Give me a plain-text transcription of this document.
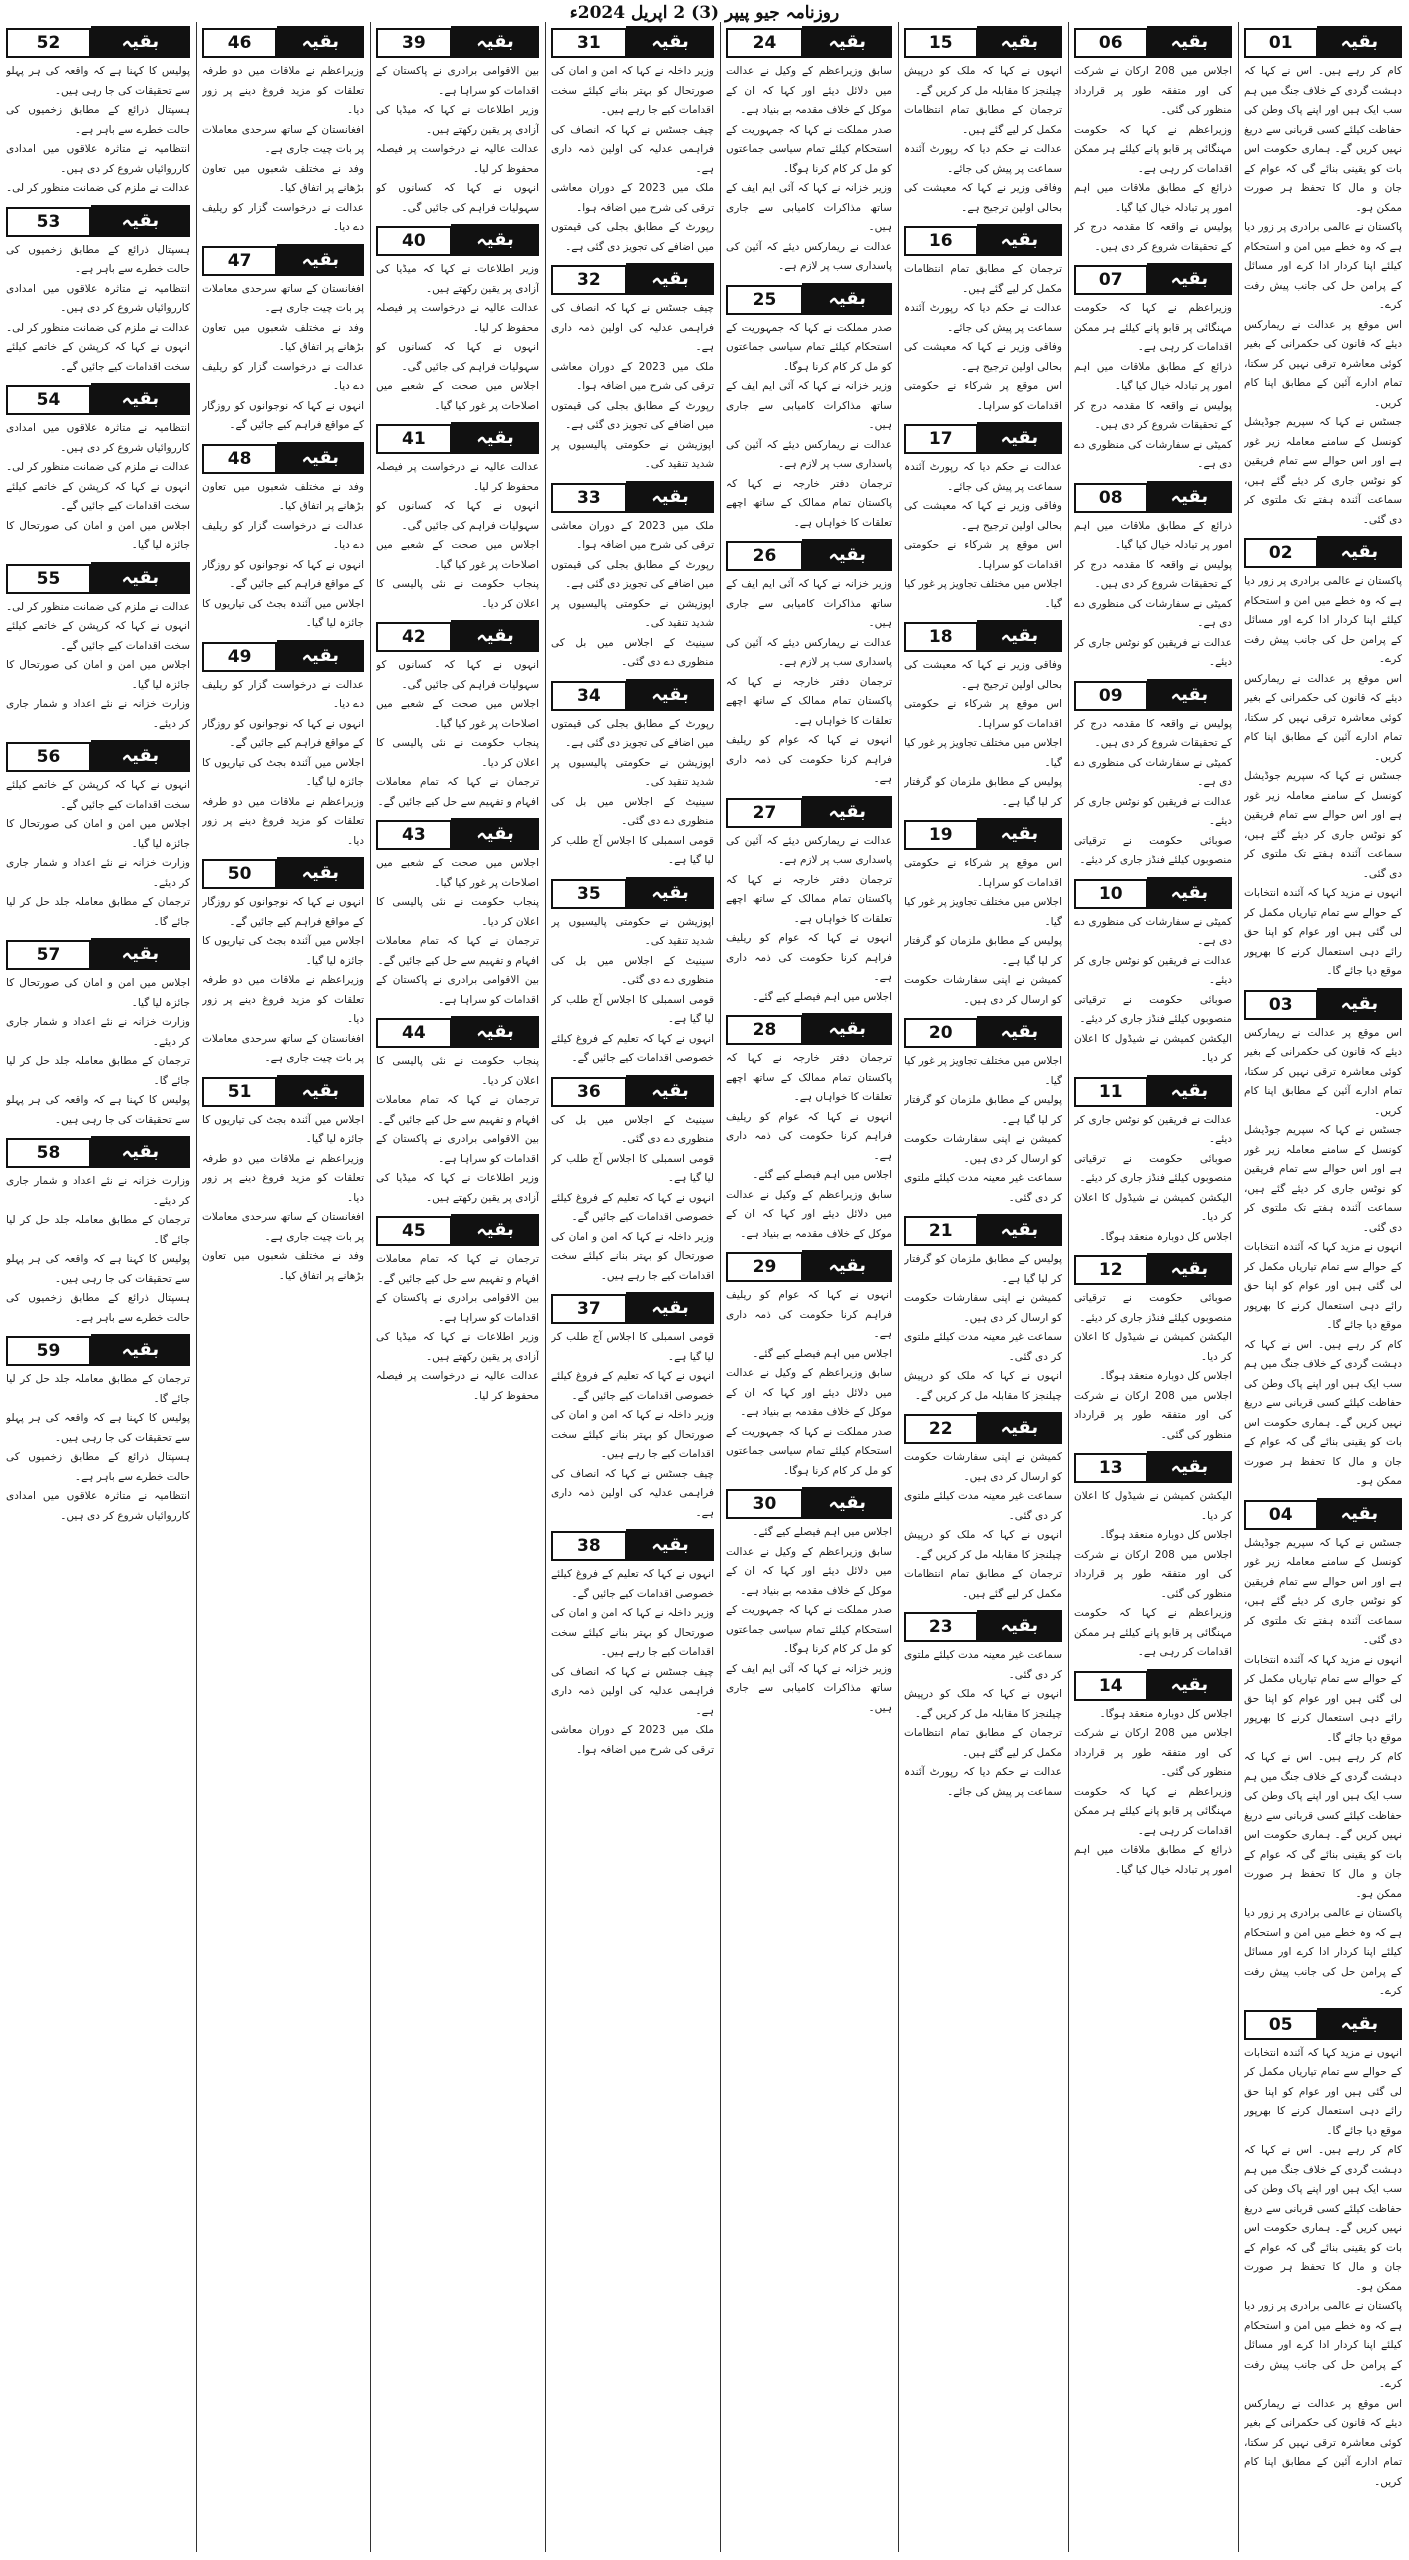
روزنامہ جیو پیپر (3) 2 اپریل 2024ء
01	بقیہ

کام کر رہے ہیں۔ اس نے کہا کہ دہشت گردی کے خلاف جنگ میں ہم سب ایک ہیں اور اپنے پاک وطن کی حفاظت کیلئے کسی قربانی سے دریغ نہیں کریں گے۔ ہماری حکومت اس بات کو یقینی بنائے گی کہ عوام کے جان و مال کا تحفظ ہر صورت ممکن ہو۔

پاکستان نے عالمی برادری پر زور دیا ہے کہ وہ خطے میں امن و استحکام کیلئے اپنا کردار ادا کرے اور مسائل کے پرامن حل کی جانب پیش رفت کرے۔

اس موقع پر عدالت نے ریمارکس دیئے کہ قانون کی حکمرانی کے بغیر کوئی معاشرہ ترقی نہیں کر سکتا، تمام ادارے آئین کے مطابق اپنا کام کریں۔

جسٹس نے کہا کہ سپریم جوڈیشل کونسل کے سامنے معاملہ زیر غور ہے اور اس حوالے سے تمام فریقین کو نوٹس جاری کر دیئے گئے ہیں، سماعت آئندہ ہفتے تک ملتوی کر دی گئی۔

02	بقیہ

پاکستان نے عالمی برادری پر زور دیا ہے کہ وہ خطے میں امن و استحکام کیلئے اپنا کردار ادا کرے اور مسائل کے پرامن حل کی جانب پیش رفت کرے۔

اس موقع پر عدالت نے ریمارکس دیئے کہ قانون کی حکمرانی کے بغیر کوئی معاشرہ ترقی نہیں کر سکتا، تمام ادارے آئین کے مطابق اپنا کام کریں۔

جسٹس نے کہا کہ سپریم جوڈیشل کونسل کے سامنے معاملہ زیر غور ہے اور اس حوالے سے تمام فریقین کو نوٹس جاری کر دیئے گئے ہیں، سماعت آئندہ ہفتے تک ملتوی کر دی گئی۔

انہوں نے مزید کہا کہ آئندہ انتخابات کے حوالے سے تمام تیاریاں مکمل کر لی گئی ہیں اور عوام کو اپنا حق رائے دہی استعمال کرنے کا بھرپور موقع دیا جائے گا۔

03	بقیہ

اس موقع پر عدالت نے ریمارکس دیئے کہ قانون کی حکمرانی کے بغیر کوئی معاشرہ ترقی نہیں کر سکتا، تمام ادارے آئین کے مطابق اپنا کام کریں۔

جسٹس نے کہا کہ سپریم جوڈیشل کونسل کے سامنے معاملہ زیر غور ہے اور اس حوالے سے تمام فریقین کو نوٹس جاری کر دیئے گئے ہیں، سماعت آئندہ ہفتے تک ملتوی کر دی گئی۔

انہوں نے مزید کہا کہ آئندہ انتخابات کے حوالے سے تمام تیاریاں مکمل کر لی گئی ہیں اور عوام کو اپنا حق رائے دہی استعمال کرنے کا بھرپور موقع دیا جائے گا۔

کام کر رہے ہیں۔ اس نے کہا کہ دہشت گردی کے خلاف جنگ میں ہم سب ایک ہیں اور اپنے پاک وطن کی حفاظت کیلئے کسی قربانی سے دریغ نہیں کریں گے۔ ہماری حکومت اس بات کو یقینی بنائے گی کہ عوام کے جان و مال کا تحفظ ہر صورت ممکن ہو۔

04	بقیہ

جسٹس نے کہا کہ سپریم جوڈیشل کونسل کے سامنے معاملہ زیر غور ہے اور اس حوالے سے تمام فریقین کو نوٹس جاری کر دیئے گئے ہیں، سماعت آئندہ ہفتے تک ملتوی کر دی گئی۔

انہوں نے مزید کہا کہ آئندہ انتخابات کے حوالے سے تمام تیاریاں مکمل کر لی گئی ہیں اور عوام کو اپنا حق رائے دہی استعمال کرنے کا بھرپور موقع دیا جائے گا۔

کام کر رہے ہیں۔ اس نے کہا کہ دہشت گردی کے خلاف جنگ میں ہم سب ایک ہیں اور اپنے پاک وطن کی حفاظت کیلئے کسی قربانی سے دریغ نہیں کریں گے۔ ہماری حکومت اس بات کو یقینی بنائے گی کہ عوام کے جان و مال کا تحفظ ہر صورت ممکن ہو۔

پاکستان نے عالمی برادری پر زور دیا ہے کہ وہ خطے میں امن و استحکام کیلئے اپنا کردار ادا کرے اور مسائل کے پرامن حل کی جانب پیش رفت کرے۔

05	بقیہ

انہوں نے مزید کہا کہ آئندہ انتخابات کے حوالے سے تمام تیاریاں مکمل کر لی گئی ہیں اور عوام کو اپنا حق رائے دہی استعمال کرنے کا بھرپور موقع دیا جائے گا۔

کام کر رہے ہیں۔ اس نے کہا کہ دہشت گردی کے خلاف جنگ میں ہم سب ایک ہیں اور اپنے پاک وطن کی حفاظت کیلئے کسی قربانی سے دریغ نہیں کریں گے۔ ہماری حکومت اس بات کو یقینی بنائے گی کہ عوام کے جان و مال کا تحفظ ہر صورت ممکن ہو۔

پاکستان نے عالمی برادری پر زور دیا ہے کہ وہ خطے میں امن و استحکام کیلئے اپنا کردار ادا کرے اور مسائل کے پرامن حل کی جانب پیش رفت کرے۔

اس موقع پر عدالت نے ریمارکس دیئے کہ قانون کی حکمرانی کے بغیر کوئی معاشرہ ترقی نہیں کر سکتا، تمام ادارے آئین کے مطابق اپنا کام کریں۔

06	بقیہ

اجلاس میں 208 ارکان نے شرکت کی اور متفقہ طور پر قرارداد منظور کی گئی۔

وزیراعظم نے کہا کہ حکومت مہنگائی پر قابو پانے کیلئے ہر ممکن اقدامات کر رہی ہے۔

ذرائع کے مطابق ملاقات میں اہم امور پر تبادلہ خیال کیا گیا۔

پولیس نے واقعہ کا مقدمہ درج کر کے تحقیقات شروع کر دی ہیں۔

07	بقیہ

وزیراعظم نے کہا کہ حکومت مہنگائی پر قابو پانے کیلئے ہر ممکن اقدامات کر رہی ہے۔

ذرائع کے مطابق ملاقات میں اہم امور پر تبادلہ خیال کیا گیا۔

پولیس نے واقعہ کا مقدمہ درج کر کے تحقیقات شروع کر دی ہیں۔

کمیٹی نے سفارشات کی منظوری دے دی ہے۔

08	بقیہ

ذرائع کے مطابق ملاقات میں اہم امور پر تبادلہ خیال کیا گیا۔

پولیس نے واقعہ کا مقدمہ درج کر کے تحقیقات شروع کر دی ہیں۔

کمیٹی نے سفارشات کی منظوری دے دی ہے۔

عدالت نے فریقین کو نوٹس جاری کر دیئے۔

09	بقیہ

پولیس نے واقعہ کا مقدمہ درج کر کے تحقیقات شروع کر دی ہیں۔

کمیٹی نے سفارشات کی منظوری دے دی ہے۔

عدالت نے فریقین کو نوٹس جاری کر دیئے۔

صوبائی حکومت نے ترقیاتی منصوبوں کیلئے فنڈز جاری کر دیئے۔

10	بقیہ

کمیٹی نے سفارشات کی منظوری دے دی ہے۔

عدالت نے فریقین کو نوٹس جاری کر دیئے۔

صوبائی حکومت نے ترقیاتی منصوبوں کیلئے فنڈز جاری کر دیئے۔

الیکشن کمیشن نے شیڈول کا اعلان کر دیا۔

11	بقیہ

عدالت نے فریقین کو نوٹس جاری کر دیئے۔

صوبائی حکومت نے ترقیاتی منصوبوں کیلئے فنڈز جاری کر دیئے۔

الیکشن کمیشن نے شیڈول کا اعلان کر دیا۔

اجلاس کل دوبارہ منعقد ہوگا۔

12	بقیہ

صوبائی حکومت نے ترقیاتی منصوبوں کیلئے فنڈز جاری کر دیئے۔

الیکشن کمیشن نے شیڈول کا اعلان کر دیا۔

اجلاس کل دوبارہ منعقد ہوگا۔

اجلاس میں 208 ارکان نے شرکت کی اور متفقہ طور پر قرارداد منظور کی گئی۔

13	بقیہ

الیکشن کمیشن نے شیڈول کا اعلان کر دیا۔

اجلاس کل دوبارہ منعقد ہوگا۔

اجلاس میں 208 ارکان نے شرکت کی اور متفقہ طور پر قرارداد منظور کی گئی۔

وزیراعظم نے کہا کہ حکومت مہنگائی پر قابو پانے کیلئے ہر ممکن اقدامات کر رہی ہے۔

14	بقیہ

اجلاس کل دوبارہ منعقد ہوگا۔

اجلاس میں 208 ارکان نے شرکت کی اور متفقہ طور پر قرارداد منظور کی گئی۔

وزیراعظم نے کہا کہ حکومت مہنگائی پر قابو پانے کیلئے ہر ممکن اقدامات کر رہی ہے۔

ذرائع کے مطابق ملاقات میں اہم امور پر تبادلہ خیال کیا گیا۔

15	بقیہ

انہوں نے کہا کہ ملک کو درپیش چیلنجز کا مقابلہ مل کر کریں گے۔

ترجمان کے مطابق تمام انتظامات مکمل کر لیے گئے ہیں۔

عدالت نے حکم دیا کہ رپورٹ آئندہ سماعت پر پیش کی جائے۔

وفاقی وزیر نے کہا کہ معیشت کی بحالی اولین ترجیح ہے۔

16	بقیہ

ترجمان کے مطابق تمام انتظامات مکمل کر لیے گئے ہیں۔

عدالت نے حکم دیا کہ رپورٹ آئندہ سماعت پر پیش کی جائے۔

وفاقی وزیر نے کہا کہ معیشت کی بحالی اولین ترجیح ہے۔

اس موقع پر شرکاء نے حکومتی اقدامات کو سراہا۔

17	بقیہ

عدالت نے حکم دیا کہ رپورٹ آئندہ سماعت پر پیش کی جائے۔

وفاقی وزیر نے کہا کہ معیشت کی بحالی اولین ترجیح ہے۔

اس موقع پر شرکاء نے حکومتی اقدامات کو سراہا۔

اجلاس میں مختلف تجاویز پر غور کیا گیا۔

18	بقیہ

وفاقی وزیر نے کہا کہ معیشت کی بحالی اولین ترجیح ہے۔

اس موقع پر شرکاء نے حکومتی اقدامات کو سراہا۔

اجلاس میں مختلف تجاویز پر غور کیا گیا۔

پولیس کے مطابق ملزمان کو گرفتار کر لیا گیا ہے۔

19	بقیہ

اس موقع پر شرکاء نے حکومتی اقدامات کو سراہا۔

اجلاس میں مختلف تجاویز پر غور کیا گیا۔

پولیس کے مطابق ملزمان کو گرفتار کر لیا گیا ہے۔

کمیشن نے اپنی سفارشات حکومت کو ارسال کر دی ہیں۔

20	بقیہ

اجلاس میں مختلف تجاویز پر غور کیا گیا۔

پولیس کے مطابق ملزمان کو گرفتار کر لیا گیا ہے۔

کمیشن نے اپنی سفارشات حکومت کو ارسال کر دی ہیں۔

سماعت غیر معینہ مدت کیلئے ملتوی کر دی گئی۔

21	بقیہ

پولیس کے مطابق ملزمان کو گرفتار کر لیا گیا ہے۔

کمیشن نے اپنی سفارشات حکومت کو ارسال کر دی ہیں۔

سماعت غیر معینہ مدت کیلئے ملتوی کر دی گئی۔

انہوں نے کہا کہ ملک کو درپیش چیلنجز کا مقابلہ مل کر کریں گے۔

22	بقیہ

کمیشن نے اپنی سفارشات حکومت کو ارسال کر دی ہیں۔

سماعت غیر معینہ مدت کیلئے ملتوی کر دی گئی۔

انہوں نے کہا کہ ملک کو درپیش چیلنجز کا مقابلہ مل کر کریں گے۔

ترجمان کے مطابق تمام انتظامات مکمل کر لیے گئے ہیں۔

23	بقیہ

سماعت غیر معینہ مدت کیلئے ملتوی کر دی گئی۔

انہوں نے کہا کہ ملک کو درپیش چیلنجز کا مقابلہ مل کر کریں گے۔

ترجمان کے مطابق تمام انتظامات مکمل کر لیے گئے ہیں۔

عدالت نے حکم دیا کہ رپورٹ آئندہ سماعت پر پیش کی جائے۔

24	بقیہ

سابق وزیراعظم کے وکیل نے عدالت میں دلائل دیئے اور کہا کہ ان کے موکل کے خلاف مقدمہ بے بنیاد ہے۔

صدر مملکت نے کہا کہ جمہوریت کے استحکام کیلئے تمام سیاسی جماعتوں کو مل کر کام کرنا ہوگا۔

وزیر خزانہ نے کہا کہ آئی ایم ایف کے ساتھ مذاکرات کامیابی سے جاری ہیں۔

عدالت نے ریمارکس دیئے کہ آئین کی پاسداری سب پر لازم ہے۔

25	بقیہ

صدر مملکت نے کہا کہ جمہوریت کے استحکام کیلئے تمام سیاسی جماعتوں کو مل کر کام کرنا ہوگا۔

وزیر خزانہ نے کہا کہ آئی ایم ایف کے ساتھ مذاکرات کامیابی سے جاری ہیں۔

عدالت نے ریمارکس دیئے کہ آئین کی پاسداری سب پر لازم ہے۔

ترجمان دفتر خارجہ نے کہا کہ پاکستان تمام ممالک کے ساتھ اچھے تعلقات کا خواہاں ہے۔

26	بقیہ

وزیر خزانہ نے کہا کہ آئی ایم ایف کے ساتھ مذاکرات کامیابی سے جاری ہیں۔

عدالت نے ریمارکس دیئے کہ آئین کی پاسداری سب پر لازم ہے۔

ترجمان دفتر خارجہ نے کہا کہ پاکستان تمام ممالک کے ساتھ اچھے تعلقات کا خواہاں ہے۔

انہوں نے کہا کہ عوام کو ریلیف فراہم کرنا حکومت کی ذمہ داری ہے۔

27	بقیہ

عدالت نے ریمارکس دیئے کہ آئین کی پاسداری سب پر لازم ہے۔

ترجمان دفتر خارجہ نے کہا کہ پاکستان تمام ممالک کے ساتھ اچھے تعلقات کا خواہاں ہے۔

انہوں نے کہا کہ عوام کو ریلیف فراہم کرنا حکومت کی ذمہ داری ہے۔

اجلاس میں اہم فیصلے کیے گئے۔

28	بقیہ

ترجمان دفتر خارجہ نے کہا کہ پاکستان تمام ممالک کے ساتھ اچھے تعلقات کا خواہاں ہے۔

انہوں نے کہا کہ عوام کو ریلیف فراہم کرنا حکومت کی ذمہ داری ہے۔

اجلاس میں اہم فیصلے کیے گئے۔

سابق وزیراعظم کے وکیل نے عدالت میں دلائل دیئے اور کہا کہ ان کے موکل کے خلاف مقدمہ بے بنیاد ہے۔

29	بقیہ

انہوں نے کہا کہ عوام کو ریلیف فراہم کرنا حکومت کی ذمہ داری ہے۔

اجلاس میں اہم فیصلے کیے گئے۔

سابق وزیراعظم کے وکیل نے عدالت میں دلائل دیئے اور کہا کہ ان کے موکل کے خلاف مقدمہ بے بنیاد ہے۔

صدر مملکت نے کہا کہ جمہوریت کے استحکام کیلئے تمام سیاسی جماعتوں کو مل کر کام کرنا ہوگا۔

30	بقیہ

اجلاس میں اہم فیصلے کیے گئے۔

سابق وزیراعظم کے وکیل نے عدالت میں دلائل دیئے اور کہا کہ ان کے موکل کے خلاف مقدمہ بے بنیاد ہے۔

صدر مملکت نے کہا کہ جمہوریت کے استحکام کیلئے تمام سیاسی جماعتوں کو مل کر کام کرنا ہوگا۔

وزیر خزانہ نے کہا کہ آئی ایم ایف کے ساتھ مذاکرات کامیابی سے جاری ہیں۔

31	بقیہ

وزیر داخلہ نے کہا کہ امن و امان کی صورتحال کو بہتر بنانے کیلئے سخت اقدامات کیے جا رہے ہیں۔

چیف جسٹس نے کہا کہ انصاف کی فراہمی عدلیہ کی اولین ذمہ داری ہے۔

ملک میں 2023 کے دوران معاشی ترقی کی شرح میں اضافہ ہوا۔

رپورٹ کے مطابق بجلی کی قیمتوں میں اضافے کی تجویز دی گئی ہے۔

32	بقیہ

چیف جسٹس نے کہا کہ انصاف کی فراہمی عدلیہ کی اولین ذمہ داری ہے۔

ملک میں 2023 کے دوران معاشی ترقی کی شرح میں اضافہ ہوا۔

رپورٹ کے مطابق بجلی کی قیمتوں میں اضافے کی تجویز دی گئی ہے۔

اپوزیشن نے حکومتی پالیسیوں پر شدید تنقید کی۔

33	بقیہ

ملک میں 2023 کے دوران معاشی ترقی کی شرح میں اضافہ ہوا۔

رپورٹ کے مطابق بجلی کی قیمتوں میں اضافے کی تجویز دی گئی ہے۔

اپوزیشن نے حکومتی پالیسیوں پر شدید تنقید کی۔

سینیٹ کے اجلاس میں بل کی منظوری دے دی گئی۔

34	بقیہ

رپورٹ کے مطابق بجلی کی قیمتوں میں اضافے کی تجویز دی گئی ہے۔

اپوزیشن نے حکومتی پالیسیوں پر شدید تنقید کی۔

سینیٹ کے اجلاس میں بل کی منظوری دے دی گئی۔

قومی اسمبلی کا اجلاس آج طلب کر لیا گیا ہے۔

35	بقیہ

اپوزیشن نے حکومتی پالیسیوں پر شدید تنقید کی۔

سینیٹ کے اجلاس میں بل کی منظوری دے دی گئی۔

قومی اسمبلی کا اجلاس آج طلب کر لیا گیا ہے۔

انہوں نے کہا کہ تعلیم کے فروغ کیلئے خصوصی اقدامات کیے جائیں گے۔

36	بقیہ

سینیٹ کے اجلاس میں بل کی منظوری دے دی گئی۔

قومی اسمبلی کا اجلاس آج طلب کر لیا گیا ہے۔

انہوں نے کہا کہ تعلیم کے فروغ کیلئے خصوصی اقدامات کیے جائیں گے۔

وزیر داخلہ نے کہا کہ امن و امان کی صورتحال کو بہتر بنانے کیلئے سخت اقدامات کیے جا رہے ہیں۔

37	بقیہ

قومی اسمبلی کا اجلاس آج طلب کر لیا گیا ہے۔

انہوں نے کہا کہ تعلیم کے فروغ کیلئے خصوصی اقدامات کیے جائیں گے۔

وزیر داخلہ نے کہا کہ امن و امان کی صورتحال کو بہتر بنانے کیلئے سخت اقدامات کیے جا رہے ہیں۔

چیف جسٹس نے کہا کہ انصاف کی فراہمی عدلیہ کی اولین ذمہ داری ہے۔

38	بقیہ

انہوں نے کہا کہ تعلیم کے فروغ کیلئے خصوصی اقدامات کیے جائیں گے۔

وزیر داخلہ نے کہا کہ امن و امان کی صورتحال کو بہتر بنانے کیلئے سخت اقدامات کیے جا رہے ہیں۔

چیف جسٹس نے کہا کہ انصاف کی فراہمی عدلیہ کی اولین ذمہ داری ہے۔

ملک میں 2023 کے دوران معاشی ترقی کی شرح میں اضافہ ہوا۔

39	بقیہ

بین الاقوامی برادری نے پاکستان کے اقدامات کو سراہا ہے۔

وزیر اطلاعات نے کہا کہ میڈیا کی آزادی پر یقین رکھتے ہیں۔

عدالت عالیہ نے درخواست پر فیصلہ محفوظ کر لیا۔

انہوں نے کہا کہ کسانوں کو سہولیات فراہم کی جائیں گی۔

40	بقیہ

وزیر اطلاعات نے کہا کہ میڈیا کی آزادی پر یقین رکھتے ہیں۔

عدالت عالیہ نے درخواست پر فیصلہ محفوظ کر لیا۔

انہوں نے کہا کہ کسانوں کو سہولیات فراہم کی جائیں گی۔

اجلاس میں صحت کے شعبے میں اصلاحات پر غور کیا گیا۔

41	بقیہ

عدالت عالیہ نے درخواست پر فیصلہ محفوظ کر لیا۔

انہوں نے کہا کہ کسانوں کو سہولیات فراہم کی جائیں گی۔

اجلاس میں صحت کے شعبے میں اصلاحات پر غور کیا گیا۔

پنجاب حکومت نے نئی پالیسی کا اعلان کر دیا۔

42	بقیہ

انہوں نے کہا کہ کسانوں کو سہولیات فراہم کی جائیں گی۔

اجلاس میں صحت کے شعبے میں اصلاحات پر غور کیا گیا۔

پنجاب حکومت نے نئی پالیسی کا اعلان کر دیا۔

ترجمان نے کہا کہ تمام معاملات افہام و تفہیم سے حل کیے جائیں گے۔

43	بقیہ

اجلاس میں صحت کے شعبے میں اصلاحات پر غور کیا گیا۔

پنجاب حکومت نے نئی پالیسی کا اعلان کر دیا۔

ترجمان نے کہا کہ تمام معاملات افہام و تفہیم سے حل کیے جائیں گے۔

بین الاقوامی برادری نے پاکستان کے اقدامات کو سراہا ہے۔

44	بقیہ

پنجاب حکومت نے نئی پالیسی کا اعلان کر دیا۔

ترجمان نے کہا کہ تمام معاملات افہام و تفہیم سے حل کیے جائیں گے۔

بین الاقوامی برادری نے پاکستان کے اقدامات کو سراہا ہے۔

وزیر اطلاعات نے کہا کہ میڈیا کی آزادی پر یقین رکھتے ہیں۔

45	بقیہ

ترجمان نے کہا کہ تمام معاملات افہام و تفہیم سے حل کیے جائیں گے۔

بین الاقوامی برادری نے پاکستان کے اقدامات کو سراہا ہے۔

وزیر اطلاعات نے کہا کہ میڈیا کی آزادی پر یقین رکھتے ہیں۔

عدالت عالیہ نے درخواست پر فیصلہ محفوظ کر لیا۔

46	بقیہ

وزیراعظم نے ملاقات میں دو طرفہ تعلقات کو مزید فروغ دینے پر زور دیا۔

افغانستان کے ساتھ سرحدی معاملات پر بات چیت جاری ہے۔

وفد نے مختلف شعبوں میں تعاون بڑھانے پر اتفاق کیا۔

عدالت نے درخواست گزار کو ریلیف دے دیا۔

47	بقیہ

افغانستان کے ساتھ سرحدی معاملات پر بات چیت جاری ہے۔

وفد نے مختلف شعبوں میں تعاون بڑھانے پر اتفاق کیا۔

عدالت نے درخواست گزار کو ریلیف دے دیا۔

انہوں نے کہا کہ نوجوانوں کو روزگار کے مواقع فراہم کیے جائیں گے۔

48	بقیہ

وفد نے مختلف شعبوں میں تعاون بڑھانے پر اتفاق کیا۔

عدالت نے درخواست گزار کو ریلیف دے دیا۔

انہوں نے کہا کہ نوجوانوں کو روزگار کے مواقع فراہم کیے جائیں گے۔

اجلاس میں آئندہ بجٹ کی تیاریوں کا جائزہ لیا گیا۔

49	بقیہ

عدالت نے درخواست گزار کو ریلیف دے دیا۔

انہوں نے کہا کہ نوجوانوں کو روزگار کے مواقع فراہم کیے جائیں گے۔

اجلاس میں آئندہ بجٹ کی تیاریوں کا جائزہ لیا گیا۔

وزیراعظم نے ملاقات میں دو طرفہ تعلقات کو مزید فروغ دینے پر زور دیا۔

50	بقیہ

انہوں نے کہا کہ نوجوانوں کو روزگار کے مواقع فراہم کیے جائیں گے۔

اجلاس میں آئندہ بجٹ کی تیاریوں کا جائزہ لیا گیا۔

وزیراعظم نے ملاقات میں دو طرفہ تعلقات کو مزید فروغ دینے پر زور دیا۔

افغانستان کے ساتھ سرحدی معاملات پر بات چیت جاری ہے۔

51	بقیہ

اجلاس میں آئندہ بجٹ کی تیاریوں کا جائزہ لیا گیا۔

وزیراعظم نے ملاقات میں دو طرفہ تعلقات کو مزید فروغ دینے پر زور دیا۔

افغانستان کے ساتھ سرحدی معاملات پر بات چیت جاری ہے۔

وفد نے مختلف شعبوں میں تعاون بڑھانے پر اتفاق کیا۔

52	بقیہ

پولیس کا کہنا ہے کہ واقعہ کی ہر پہلو سے تحقیقات کی جا رہی ہیں۔

ہسپتال ذرائع کے مطابق زخمیوں کی حالت خطرے سے باہر ہے۔

انتظامیہ نے متاثرہ علاقوں میں امدادی کارروائیاں شروع کر دی ہیں۔

عدالت نے ملزم کی ضمانت منظور کر لی۔

53	بقیہ

ہسپتال ذرائع کے مطابق زخمیوں کی حالت خطرے سے باہر ہے۔

انتظامیہ نے متاثرہ علاقوں میں امدادی کارروائیاں شروع کر دی ہیں۔

عدالت نے ملزم کی ضمانت منظور کر لی۔

انہوں نے کہا کہ کرپشن کے خاتمے کیلئے سخت اقدامات کیے جائیں گے۔

54	بقیہ

انتظامیہ نے متاثرہ علاقوں میں امدادی کارروائیاں شروع کر دی ہیں۔

عدالت نے ملزم کی ضمانت منظور کر لی۔

انہوں نے کہا کہ کرپشن کے خاتمے کیلئے سخت اقدامات کیے جائیں گے۔

اجلاس میں امن و امان کی صورتحال کا جائزہ لیا گیا۔

55	بقیہ

عدالت نے ملزم کی ضمانت منظور کر لی۔

انہوں نے کہا کہ کرپشن کے خاتمے کیلئے سخت اقدامات کیے جائیں گے۔

اجلاس میں امن و امان کی صورتحال کا جائزہ لیا گیا۔

وزارت خزانہ نے نئے اعداد و شمار جاری کر دیئے۔

56	بقیہ

انہوں نے کہا کہ کرپشن کے خاتمے کیلئے سخت اقدامات کیے جائیں گے۔

اجلاس میں امن و امان کی صورتحال کا جائزہ لیا گیا۔

وزارت خزانہ نے نئے اعداد و شمار جاری کر دیئے۔

ترجمان کے مطابق معاملہ جلد حل کر لیا جائے گا۔

57	بقیہ

اجلاس میں امن و امان کی صورتحال کا جائزہ لیا گیا۔

وزارت خزانہ نے نئے اعداد و شمار جاری کر دیئے۔

ترجمان کے مطابق معاملہ جلد حل کر لیا جائے گا۔

پولیس کا کہنا ہے کہ واقعہ کی ہر پہلو سے تحقیقات کی جا رہی ہیں۔

58	بقیہ

وزارت خزانہ نے نئے اعداد و شمار جاری کر دیئے۔

ترجمان کے مطابق معاملہ جلد حل کر لیا جائے گا۔

پولیس کا کہنا ہے کہ واقعہ کی ہر پہلو سے تحقیقات کی جا رہی ہیں۔

ہسپتال ذرائع کے مطابق زخمیوں کی حالت خطرے سے باہر ہے۔

59	بقیہ

ترجمان کے مطابق معاملہ جلد حل کر لیا جائے گا۔

پولیس کا کہنا ہے کہ واقعہ کی ہر پہلو سے تحقیقات کی جا رہی ہیں۔

ہسپتال ذرائع کے مطابق زخمیوں کی حالت خطرے سے باہر ہے۔

انتظامیہ نے متاثرہ علاقوں میں امدادی کارروائیاں شروع کر دی ہیں۔
